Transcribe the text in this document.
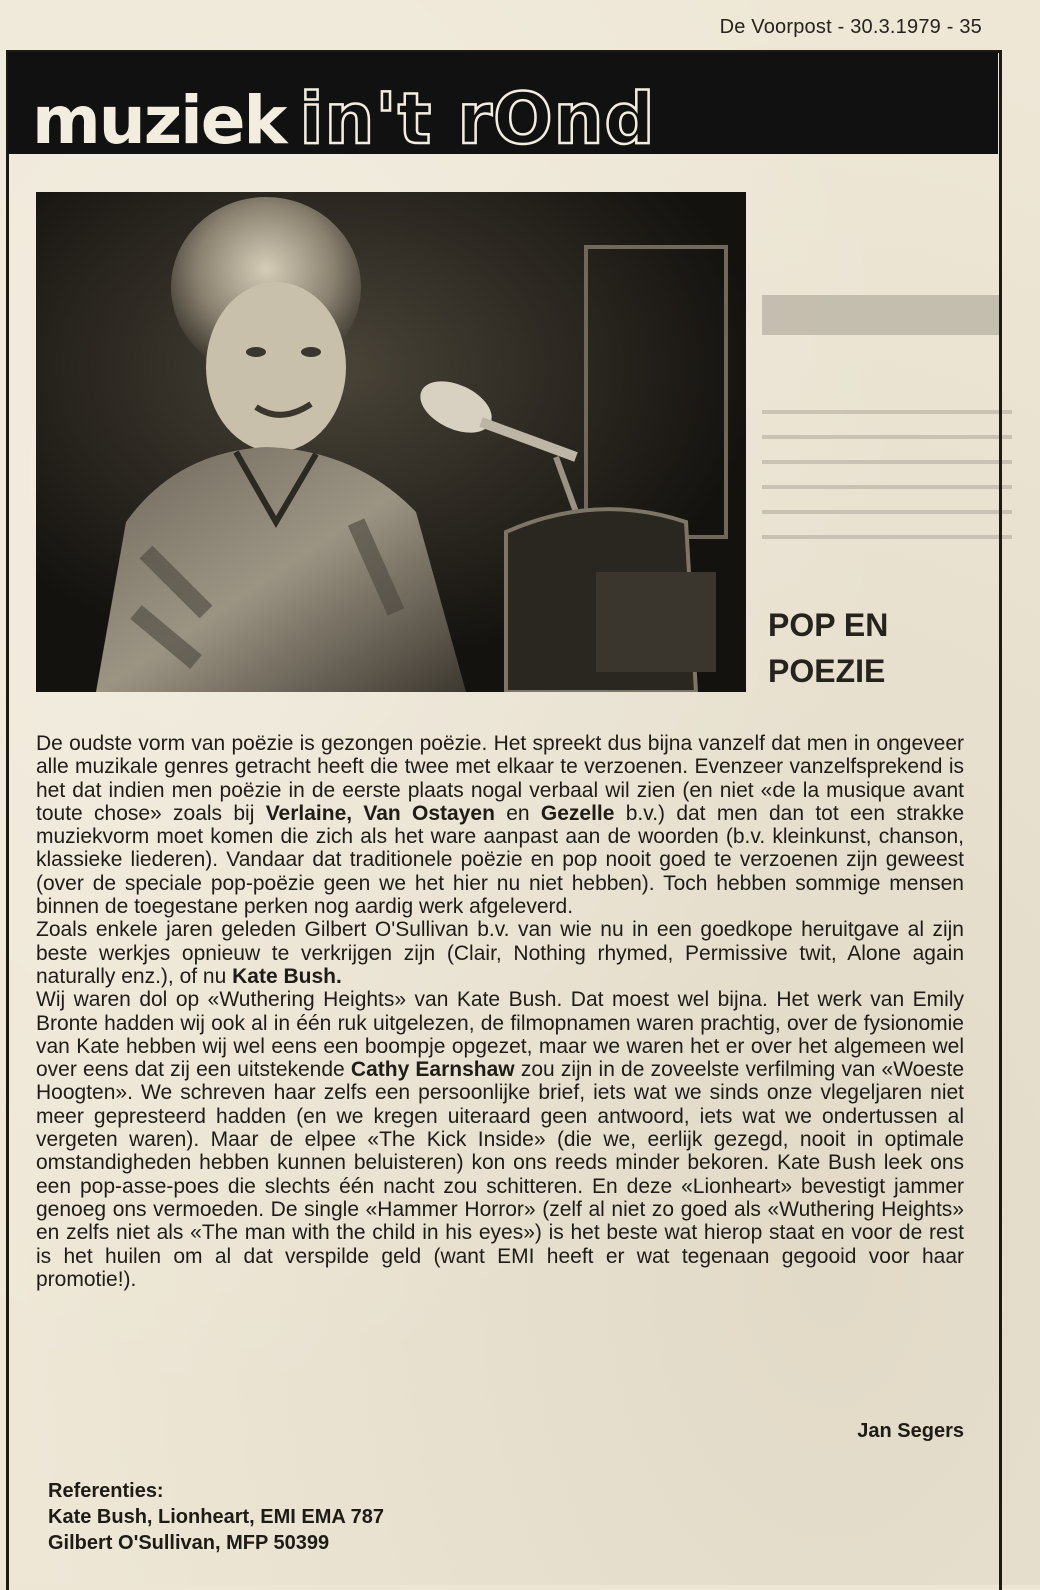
De Voorpost - 30.3.1979 - 35
muziek in't rOnd
POP EN
POEZIE

De oudste vorm van poëzie is gezongen poëzie. Het spreekt dus bijna vanzelf dat men in ongeveer alle muzikale genres getracht heeft die twee met elkaar te verzoenen. Evenzeer vanzelfsprekend is het dat indien men poëzie in de eerste plaats nogal verbaal wil zien (en niet «de la musique avant toute chose» zoals bij Verlaine, Van Ostayen en Gezelle b.v.) dat men dan tot een strakke muziekvorm moet komen die zich als het ware aanpast aan de woorden (b.v. kleinkunst, chanson, klassieke liederen). Vandaar dat traditionele poëzie en pop nooit goed te verzoenen zijn geweest (over de speciale pop-poëzie geen we het hier nu niet hebben). Toch hebben sommige mensen binnen de toegestane perken nog aardig werk afgeleverd.

Zoals enkele jaren geleden Gilbert O'Sullivan b.v. van wie nu in een goedkope heruitgave al zijn beste werkjes opnieuw te verkrijgen zijn (Clair, Nothing rhymed, Permissive twit, Alone again naturally enz.), of nu Kate Bush.

Wij waren dol op «Wuthering Heights» van Kate Bush. Dat moest wel bijna. Het werk van Emily Bronte hadden wij ook al in één ruk uitgelezen, de filmopnamen waren prachtig, over de fysionomie van Kate hebben wij wel eens een boompje opgezet, maar we waren het er over het algemeen wel over eens dat zij een uitstekende Cathy Earnshaw zou zijn in de zoveelste verfilming van «Woeste Hoogten». We schreven haar zelfs een persoonlijke brief, iets wat we sinds onze vlegeljaren niet meer gepresteerd hadden (en we kregen uiteraard geen antwoord, iets wat we ondertussen al vergeten waren). Maar de elpee «The Kick Inside» (die we, eerlijk gezegd, nooit in optimale omstandigheden hebben kunnen beluisteren) kon ons reeds minder bekoren. Kate Bush leek ons een pop-asse-poes die slechts één nacht zou schitteren. En deze «Lionheart» bevestigt jammer genoeg ons vermoeden. De single «Hammer Horror» (zelf al niet zo goed als «Wuthering Heights» en zelfs niet als «The man with the child in his eyes») is het beste wat hierop staat en voor de rest is het huilen om al dat verspilde geld (want EMI heeft er wat tegenaan gegooid voor haar promotie!).

Jan Segers
Referenties:
Kate Bush, Lionheart, EMI EMA 787
Gilbert O'Sullivan, MFP 50399
